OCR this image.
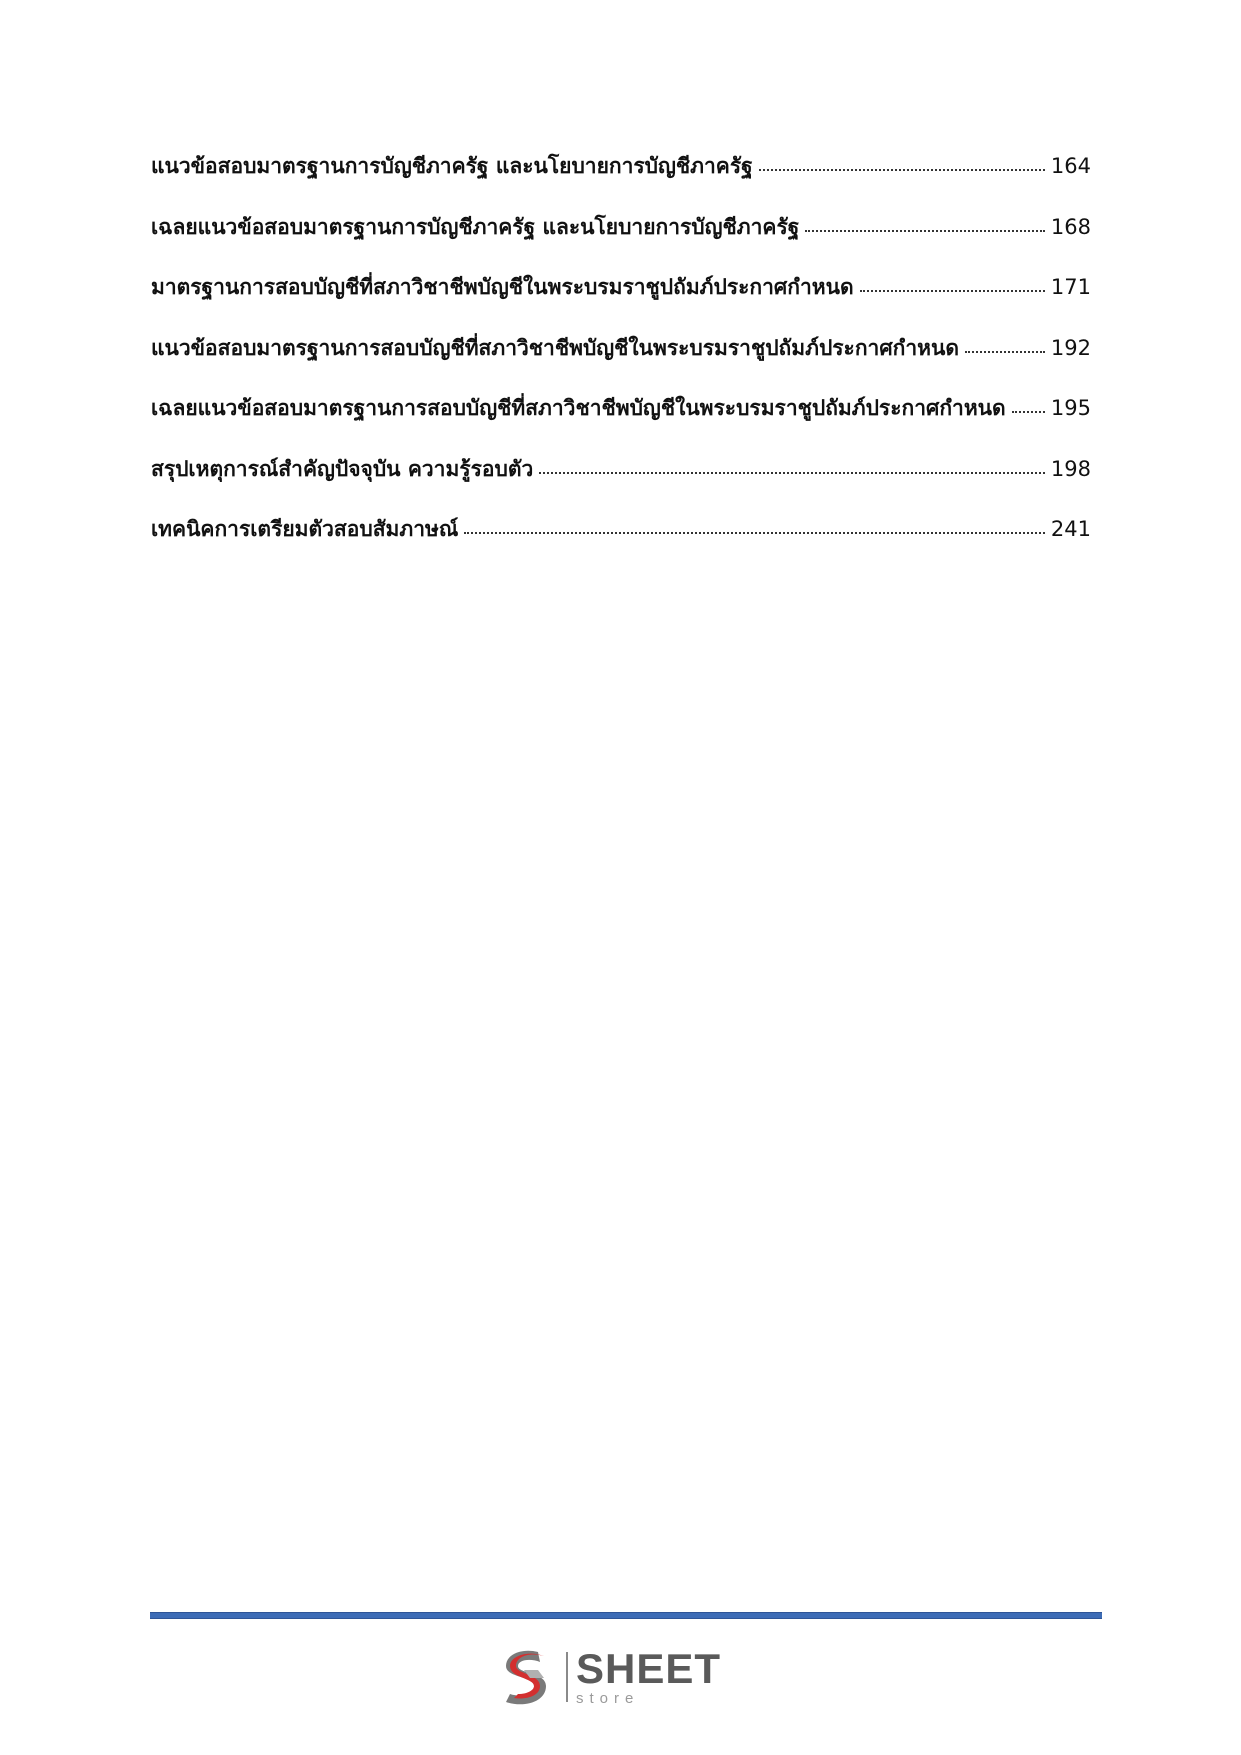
แนวข้อสอบมาตรฐานการบัญชีภาครัฐ และนโยบายการบัญชีภาครัฐ	164
เฉลยแนวข้อสอบมาตรฐานการบัญชีภาครัฐ และนโยบายการบัญชีภาครัฐ	168
มาตรฐานการสอบบัญชีที่สภาวิชาชีพบัญชีในพระบรมราชูปถัมภ์ประกาศกำหนด	171
แนวข้อสอบมาตรฐานการสอบบัญชีที่สภาวิชาชีพบัญชีในพระบรมราชูปถัมภ์ประกาศกำหนด	192
เฉลยแนวข้อสอบมาตรฐานการสอบบัญชีที่สภาวิชาชีพบัญชีในพระบรมราชูปถัมภ์ประกาศกำหนด 195
สรุปเหตุการณ์สำคัญปัจจุบัน ความรู้รอบตัว	198
เทคนิคการเตรียมตัวสอบสัมภาษณ์	241
SHEET
store
